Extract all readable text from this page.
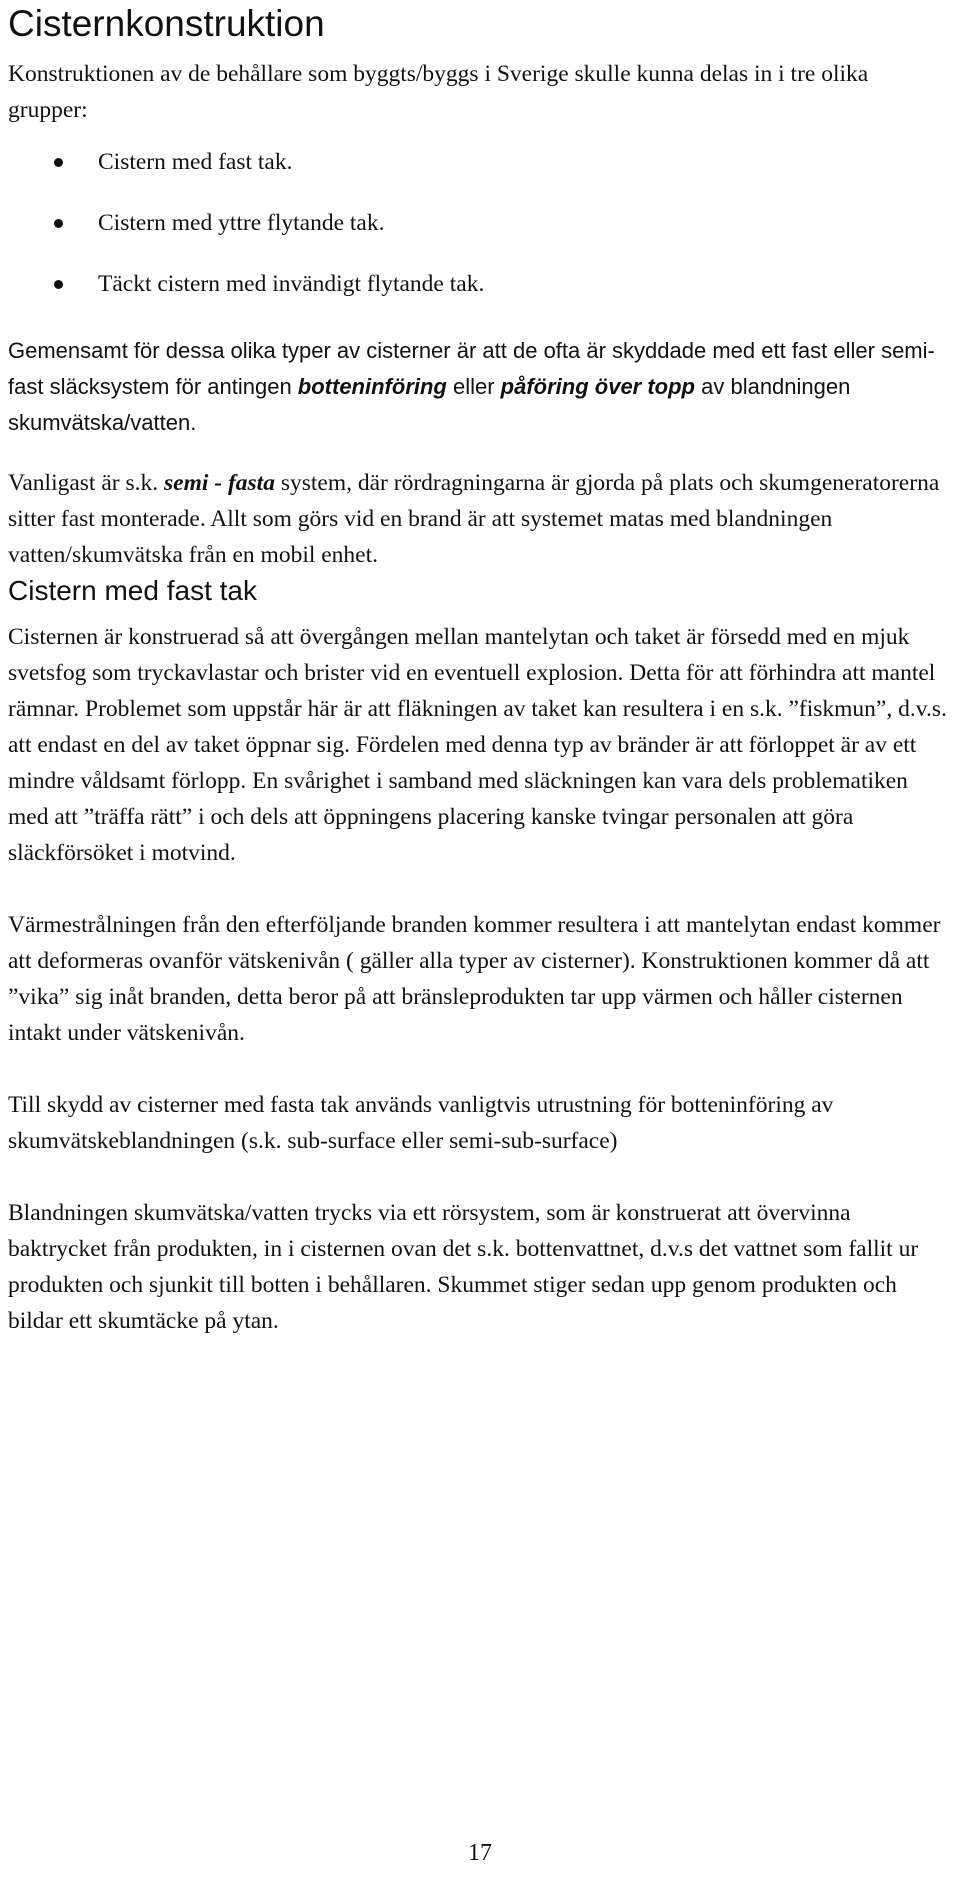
Cisternkonstruktion

Konstruktionen av de behållare som byggts/byggs i Sverige skulle kunna delas in i tre olika grupper:

Cistern med fast tak.
Cistern med yttre flytande tak.
Täckt cistern med invändigt flytande tak.

Gemensamt för dessa olika typer av cisterner är att de ofta är skyddade med ett fast eller semi-fast släcksystem för antingen botteninföring eller påföring över topp av blandningen skumvätska/vatten.

Vanligast är s.k. semi - fasta system, där rördragningarna är gjorda på plats och skumgeneratorerna sitter fast monterade. Allt som görs vid en brand är att systemet matas med blandningen vatten/skumvätska från en mobil enhet.

Cistern med fast tak

Cisternen är konstruerad så att övergången mellan mantelytan och taket är försedd med en mjuk svetsfog som tryckavlastar och brister vid en eventuell explosion. Detta för att förhindra att mantel rämnar. Problemet som uppstår här är att fläkningen av taket kan resultera i en s.k. ”fiskmun”, d.v.s. att endast en del av taket öppnar sig. Fördelen med denna typ av bränder är att förloppet är av ett mindre våldsamt förlopp. En svårighet i samband med släckningen kan vara dels problematiken med att ”träffa rätt” i och dels att öppningens placering kanske tvingar personalen att göra släckförsöket i motvind.

Värmestrålningen från den efterföljande branden kommer resultera i att mantelytan endast kommer att deformeras ovanför vätskenivån ( gäller alla typer av cisterner). Konstruktionen kommer då att ”vika” sig inåt branden, detta beror på att bränsleprodukten tar upp värmen och håller cisternen intakt under vätskenivån.

Till skydd av cisterner med fasta tak används vanligtvis utrustning för botteninföring av skumvätskeblandningen (s.k. sub-surface eller semi-sub-surface)

Blandningen skumvätska/vatten trycks via ett rörsystem, som är konstruerat att övervinna baktrycket från produkten, in i cisternen ovan det s.k. bottenvattnet, d.v.s det vattnet som fallit ur produkten och sjunkit till botten i behållaren. Skummet stiger sedan upp genom produkten och bildar ett skumtäcke på ytan.

17
